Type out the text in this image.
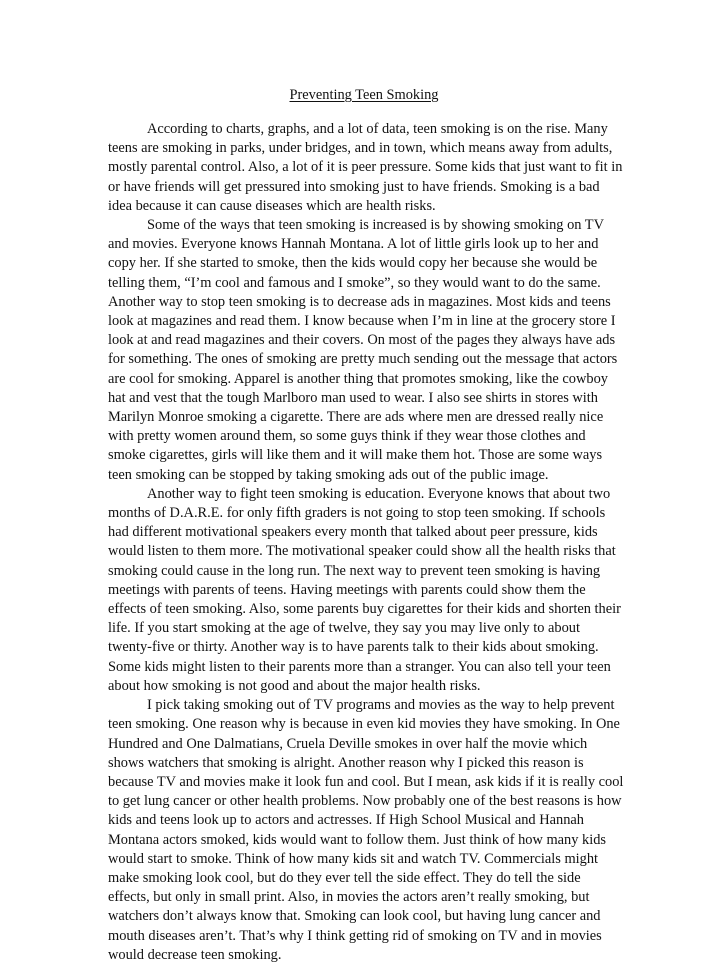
Preventing Teen Smoking

According to charts, graphs, and a lot of data, teen smoking is on the rise. Many
teens are smoking in parks, under bridges, and in town, which means away from adults,
mostly parental control. Also, a lot of it is peer pressure. Some kids that just want to fit in
or have friends will get pressured into smoking just to have friends. Smoking is a bad
idea because it can cause diseases which are health risks.

Some of the ways that teen smoking is increased is by showing smoking on TV
and movies. Everyone knows Hannah Montana. A lot of little girls look up to her and
copy her. If she started to smoke, then the kids would copy her because she would be
telling them, “I’m cool and famous and I smoke”, so they would want to do the same.
Another way to stop teen smoking is to decrease ads in magazines. Most kids and teens
look at magazines and read them. I know because when I’m in line at the grocery store I
look at and read magazines and their covers. On most of the pages they always have ads
for something. The ones of smoking are pretty much sending out the message that actors
are cool for smoking. Apparel is another thing that promotes smoking, like the cowboy
hat and vest that the tough Marlboro man used to wear. I also see shirts in stores with
Marilyn Monroe smoking a cigarette. There are ads where men are dressed really nice
with pretty women around them, so some guys think if they wear those clothes and
smoke cigarettes, girls will like them and it will make them hot. Those are some ways
teen smoking can be stopped by taking smoking ads out of the public image.

Another way to fight teen smoking is education. Everyone knows that about two
months of D.A.R.E. for only fifth graders is not going to stop teen smoking. If schools
had different motivational speakers every month that talked about peer pressure, kids
would listen to them more. The motivational speaker could show all the health risks that
smoking could cause in the long run. The next way to prevent teen smoking is having
meetings with parents of teens. Having meetings with parents could show them the
effects of teen smoking. Also, some parents buy cigarettes for their kids and shorten their
life. If you start smoking at the age of twelve, they say you may live only to about
twenty-five or thirty. Another way is to have parents talk to their kids about smoking.
Some kids might listen to their parents more than a stranger. You can also tell your teen
about how smoking is not good and about the major health risks.

I pick taking smoking out of TV programs and movies as the way to help prevent
teen smoking. One reason why is because in even kid movies they have smoking. In One
Hundred and One Dalmatians, Cruela Deville smokes in over half the movie which
shows watchers that smoking is alright. Another reason why I picked this reason is
because TV and movies make it look fun and cool. But I mean, ask kids if it is really cool
to get lung cancer or other health problems. Now probably one of the best reasons is how
kids and teens look up to actors and actresses. If High School Musical and Hannah
Montana actors smoked, kids would want to follow them. Just think of how many kids
would start to smoke. Think of how many kids sit and watch TV. Commercials might
make smoking look cool, but do they ever tell the side effect. They do tell the side
effects, but only in small print. Also, in movies the actors aren’t really smoking, but
watchers don’t always know that. Smoking can look cool, but having lung cancer and
mouth diseases aren’t. That’s why I think getting rid of smoking on TV and in movies
would decrease teen smoking.
